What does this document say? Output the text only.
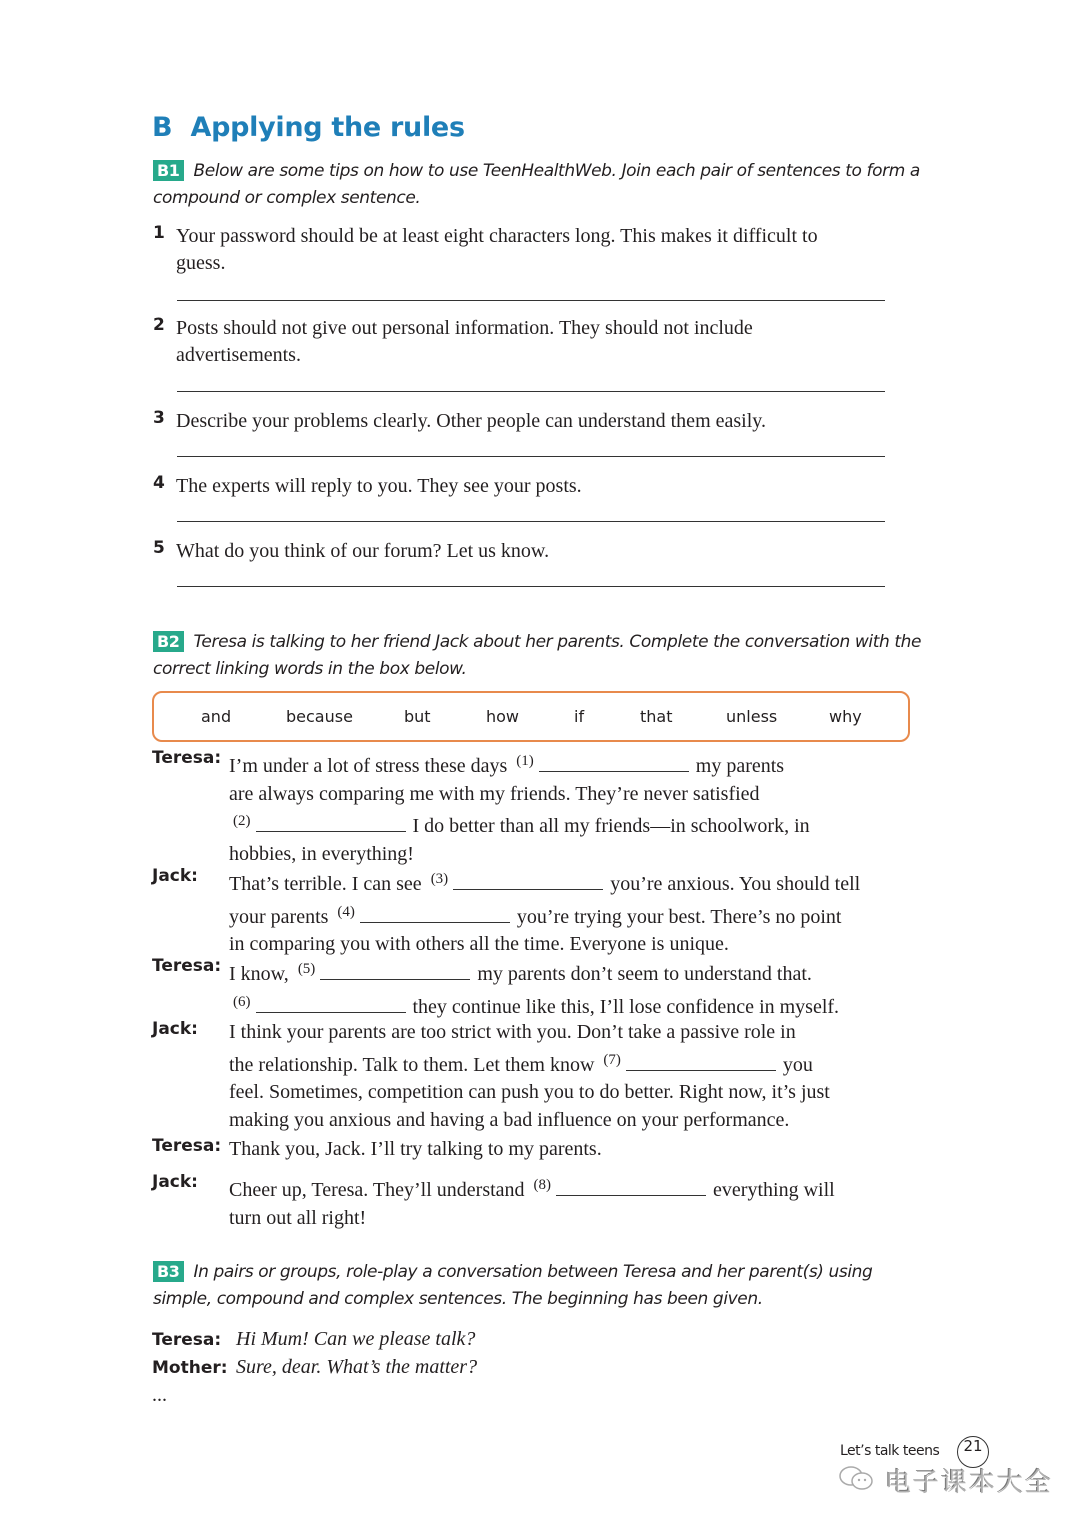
B Applying the rules
B1 Below are some tips on how to use TeenHealthWeb. Join each pair of sentences to form a
compound or complex sentence.
1 Your password should be at least eight characters long. This makes it difficult to
guess.
2 Posts should not give out personal information. They should not include
advertisements.
3 Describe your problems clearly. Other people can understand them easily.
4 The experts will reply to you. They see your posts.
5 What do you think of our forum? Let us know.
B2 Teresa is talking to her friend Jack about her parents. Complete the conversation with the
correct linking words in the box below.
and	because	but	how	if	that	unless	why
Teresa: I’m under a lot of stress these days $^{(1)}$	my parents
are always comparing me with my friends. They’re never satisfied
$^{(2)}$	I do better than all my friends—in schoolwork, in
hobbies, in everything!
Jack: That’s terrible. I can see $^{(3)}$	you’re anxious. You should tell
your parents $^{(4)}$	you’re trying your best. There’s no point
in comparing you with others all the time. Everyone is unique.
Teresa: I know, $^{(5)}$	my parents don’t seem to understand that.
$^{(6)}$	they continue like this, I’ll lose confidence in myself.
Jack: I think your parents are too strict with you. Don’t take a passive role in
the relationship. Talk to them. Let them know $^{(7)}$	you
feel. Sometimes, competition can push you to do better. Right now, it’s just
making you anxious and having a bad influence on your performance.
Teresa: Thank you, Jack. I’ll try talking to my parents.
Jack: Cheer up, Teresa. They’ll understand $^{(8)}$	everything will
turn out all right!
B3 In pairs or groups, role-play a conversation between Teresa and her parent(s) using
simple, compound and complex sentences. The beginning has been given.
Teresa: Hi Mum! Can we please talk?
Mother: Sure, dear. What’s the matter?
...
Let’s talk teens	21
电子课本大全
